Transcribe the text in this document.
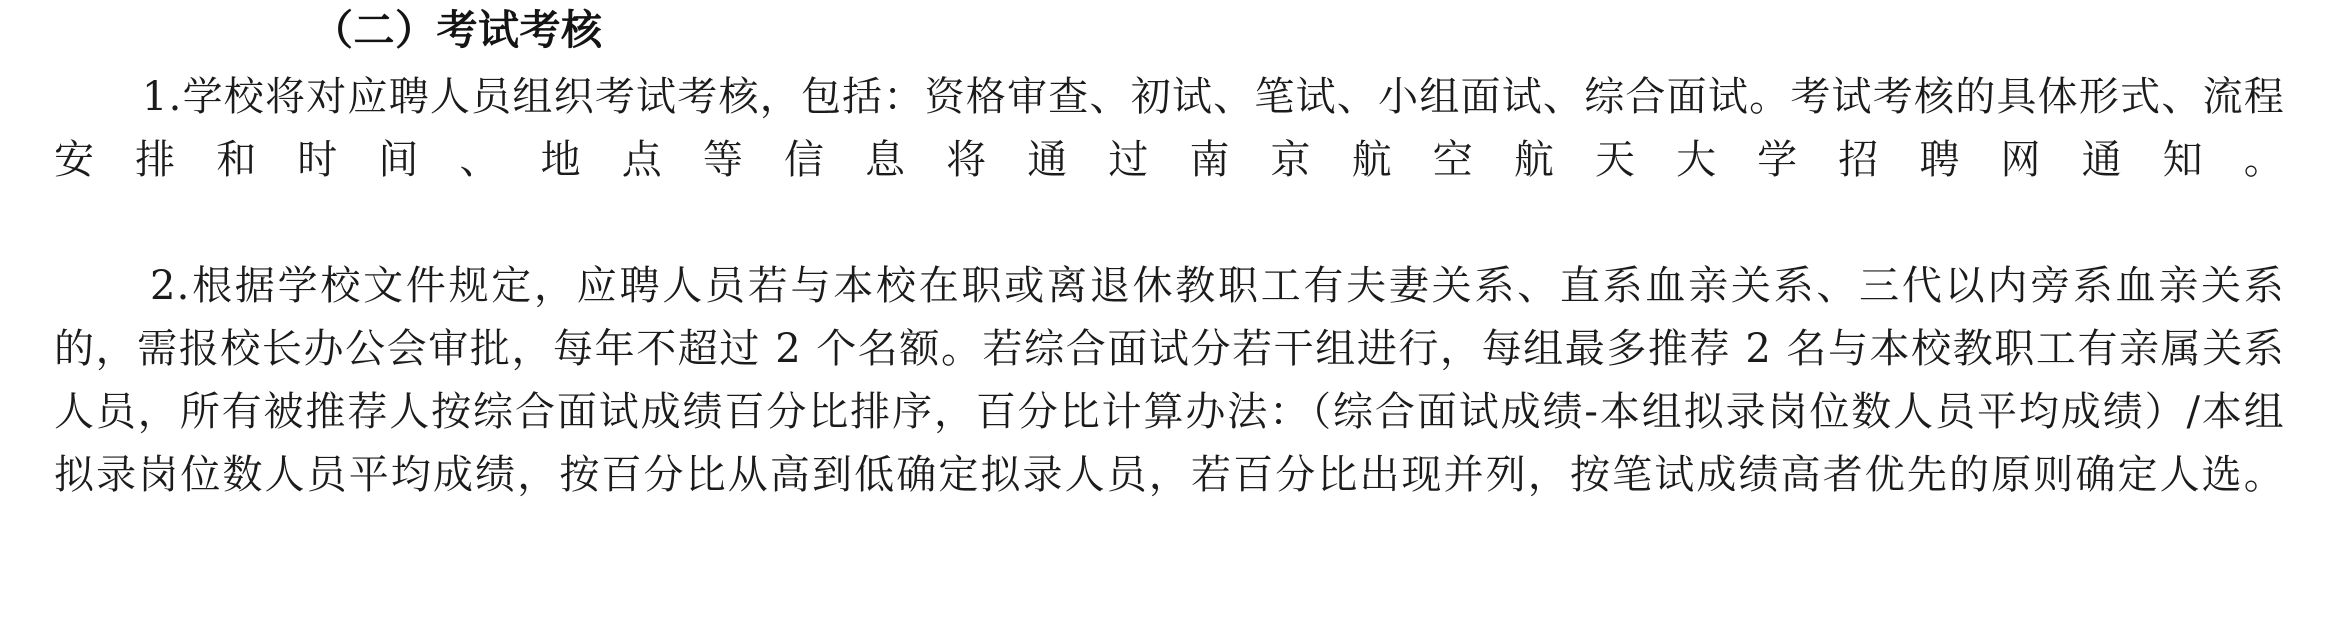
（二）考试考核

1.学校将对应聘人员组织考试考核，包括：资格审查、初试、笔试、小组面试、综合面试。考试考核的具体形式、流程安排和时间、地点等信息将通过南京航空航天大学招聘网通知。

2.根据学校文件规定，应聘人员若与本校在职或离退休教职工有夫妻关系、直系血亲关系、三代以内旁系血亲关系的，需报校长办公会审批，每年不超过 2 个名额。若综合面试分若干组进行，每组最多推荐 2 名与本校教职工有亲属关系人员，所有被推荐人按综合面试成绩百分比排序，百分比计算办法：（综合面试成绩-本组拟录岗位数人员平均成绩）/本组拟录岗位数人员平均成绩，按百分比从高到低确定拟录人员，若百分比出现并列，按笔试成绩高者优先的原则确定人选。
